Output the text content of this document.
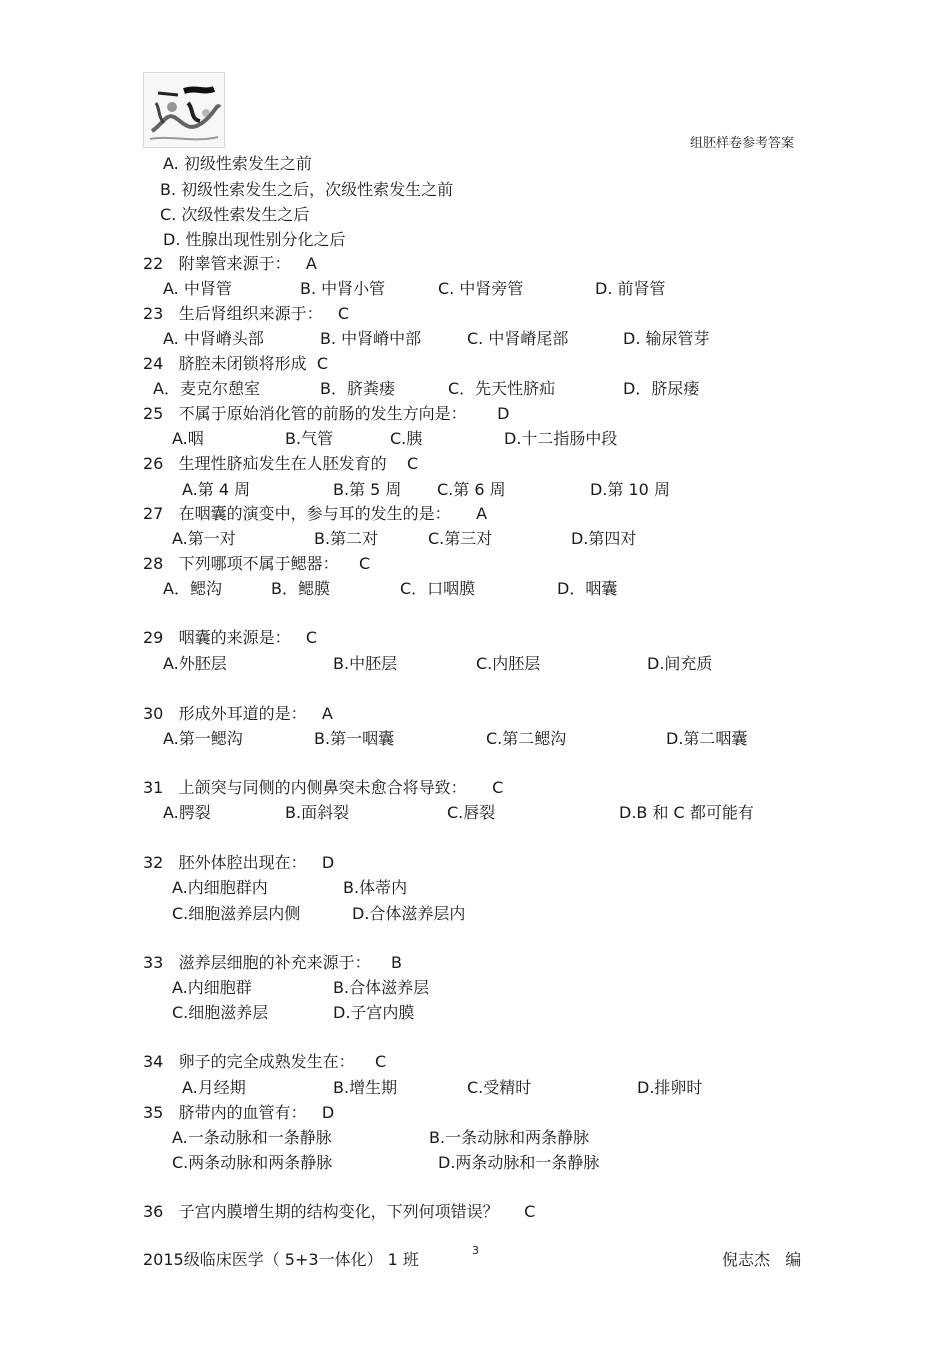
组胚样卷参考答案
A. 初级性索发生之前
B. 初级性索发生之后，次级性索发生之前
C. 次级性索发生之后
D. 性腺出现性别分化之后
22 附睾管来源于： A
A. 中肾管	B. 中肾小管	C. 中肾旁管	D. 前肾管
23 生后肾组织来源于： C
A. 中肾嵴头部	B. 中肾嵴中部	C. 中肾嵴尾部	D. 输尿管芽
24 脐腔未闭锁将形成 C
A．麦克尔憩室	B．脐粪瘘	C．先天性脐疝	D．脐尿瘘
25 不属于原始消化管的前肠的发生方向是： D
A.咽	B.气管	C.胰	D.十二指肠中段
26 生理性脐疝发生在人胚发育的 C
A.第 4 周	B.第 5 周 C.第 6 周	D.第 10 周
27 在咽囊的演变中，参与耳的发生的是： A
A.第一对	B.第二对	C.第三对	D.第四对
28 下列哪项不属于鳃器： C
A．鳃沟	B．鳃膜	C．口咽膜	D．咽囊
29 咽囊的来源是： C
A.外胚层	B.中胚层	C.内胚层	D.间充质
30 形成外耳道的是： A
A.第一鳃沟	B.第一咽囊	C.第二鳃沟	D.第二咽囊
31 上颌突与同侧的内侧鼻突未愈合将导致： C
A.腭裂	B.面斜裂	C.唇裂	D.B 和 C 都可能有
32 胚外体腔出现在： D
A.内细胞群内	B.体蒂内
C.细胞滋养层内侧	D.合体滋养层内
33 滋养层细胞的补充来源于： B
A.内细胞群	B.合体滋养层
C.细胞滋养层	D.子宫内膜
34 卵子的完全成熟发生在： C
A.月经期	B.增生期	C.受精时	D.排卵时
35 脐带内的血管有： D
A.一条动脉和一条静脉	B.一条动脉和两条静脉
C.两条动脉和两条静脉	D.两条动脉和一条静脉
36 子宫内膜增生期的结构变化，下列何项错误？ C
2015级临床医学（ 5+3一体化） 1 班	3	倪志杰   编
